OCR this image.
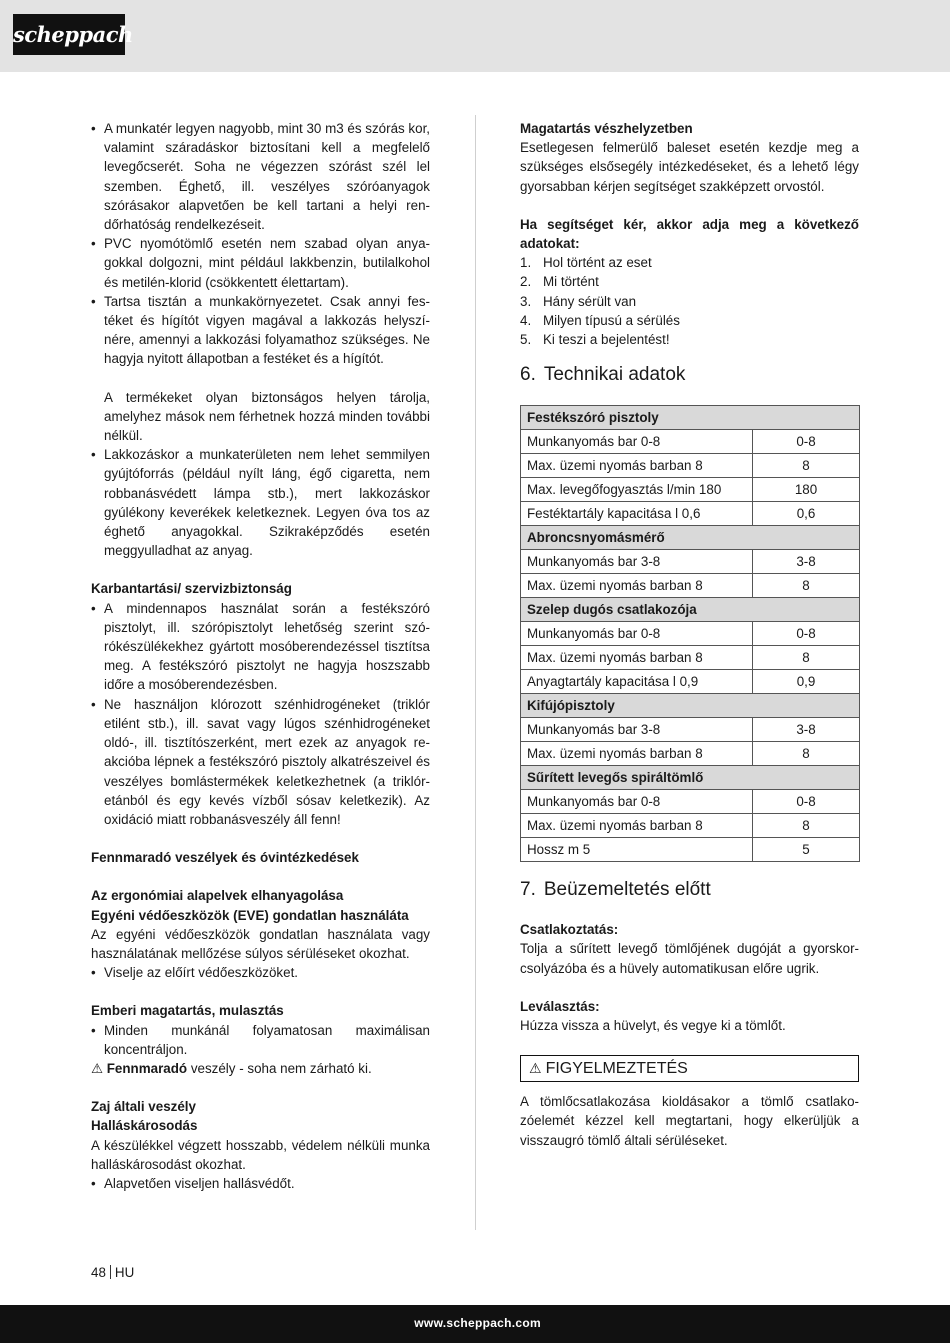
scheppach
• A munkatér legyen nagyobb, mint 30 m3 és szórás kor, valamint száradáskor biztosítani kell a megfelelő levegőcserét. Soha ne végezzen szórást szél lel szemben. Éghető, ill. veszélyes szóróanyagok szórásakor alapvetően be kell tartani a helyi rendőrhatóság rendelkezéseit.
• PVC nyomótömlő esetén nem szabad olyan anyagokkal dolgozni, mint például lakkbenzin, butilalkohol és metilén-klorid (csökkentett élettartam).
• Tartsa tisztán a munkakörnyezetet. Csak annyi festéket és hígítót vigyen magával a lakkozás helyszínére, amennyi a lakkozási folyamathoz szükséges. Ne hagyja nyitott állapotban a festéket és a hígítót.
A termékeket olyan biztonságos helyen tárolja, amelyhez mások nem férhetnek hozzá minden további nélkül.
• Lakkozáskor a munkaterületen nem lehet semmilyen gyújtóforrás (például nyílt láng, égő cigaretta, nem robbanásvédett lámpa stb.), mert lakkozáskor gyúlékony keverékek keletkeznek. Legyen óva tos az éghető anyagokkal. Szikraképződés esetén meggyulladhat az anyag.

Karbantartási/ szervizbiztonság

• A mindennapos használat során a festékszóró pisztolyt, ill. szórópisztolyt lehetőség szerint szórókészülékekhez gyártott mosóberendezéssel tisztítsa meg. A festékszóró pisztolyt ne hagyja hoszszabb időre a mosóberendezésben.
• Ne használjon klórozott szénhidrogéneket (triklór etilént stb.), ill. savat vagy lúgos szénhidrogéneket oldó-, ill. tisztítószerként, mert ezek az anyagok reakcióba lépnek a festékszóró pisztoly alkatrészeivel és veszélyes bomlástermékek keletkezhetnek (a triklór-etánból és egy kevés vízből sósav keletkezik). Az oxidáció miatt robbanásveszély áll fenn!

Fennmaradó veszélyek és óvintézkedések

Az ergonómiai alapelvek elhanyagolása

Egyéni védőeszközök (EVE) gondatlan használáta

Az egyéni védőeszközök gondatlan használata vagy használatának mellőzése súlyos sérüléseket okozhat.

• Viselje az előírt védőeszközöket.

Emberi magatartás, mulasztás

• Minden munkánál folyamatosan maximálisan koncentráljon.

⚠ Fennmaradó veszély - soha nem zárható ki.

Zaj általi veszély

Halláskárosodás

A készülékkel végzett hosszabb, védelem nélküli munka halláskárosodást okozhat.

• Alapvetően viseljen hallásvédőt.

Magatartás vészhelyzetben

Esetlegesen felmerülő baleset esetén kezdje meg a szükséges elsősegély intézkedéseket, és a lehető légy gyorsabban kérjen segítséget szakképzett orvostól.

Ha segítséget kér, akkor adja meg a következő adatokat:

1. Hol történt az eset
2. Mi történt
3. Hány sérült van
4. Milyen típusú a sérülés
5. Ki teszi a bejelentést!
6. Technikai adatok
Festékszóró pisztoly	
Munkanyomás bar 0-8	0-8
Max. üzemi nyomás barban 8	8
Max. levegőfogyasztás l/min 180	180
Festéktartály kapacitása l 0,6	0,6
Abroncsnyomásmérő	
Munkanyomás bar 3-8	3-8
Max. üzemi nyomás barban 8	8
Szelep dugós csatlakozója	
Munkanyomás bar 0-8	0-8
Max. üzemi nyomás barban 8	8
Anyagtartály kapacitása l 0,9	0,9
Kifújópisztoly	
Munkanyomás bar 3-8	3-8
Max. üzemi nyomás barban 8	8
Sűrített levegős spiráltömlő	
Munkanyomás bar 0-8	0-8
Max. üzemi nyomás barban 8	8
Hossz m 5	5
7. Beüzemeltetés előtt

Csatlakoztatás:

Tolja a sűrített levegő tömlőjének dugóját a gyorskorcsolyázóba és a hüvely automatikusan előre ugrik.

Leválasztás:

Húzza vissza a hüvelyt, és vegye ki a tömlőt.

⚠ FIGYELMEZTETÉS

A tömlőcsatlakozása kioldásakor a tömlő csatlakozóelemét kézzel kell megtartani, hogy elkerüljük a visszaugró tömlő általi sérüléseket.

48 HU
www.scheppach.com
